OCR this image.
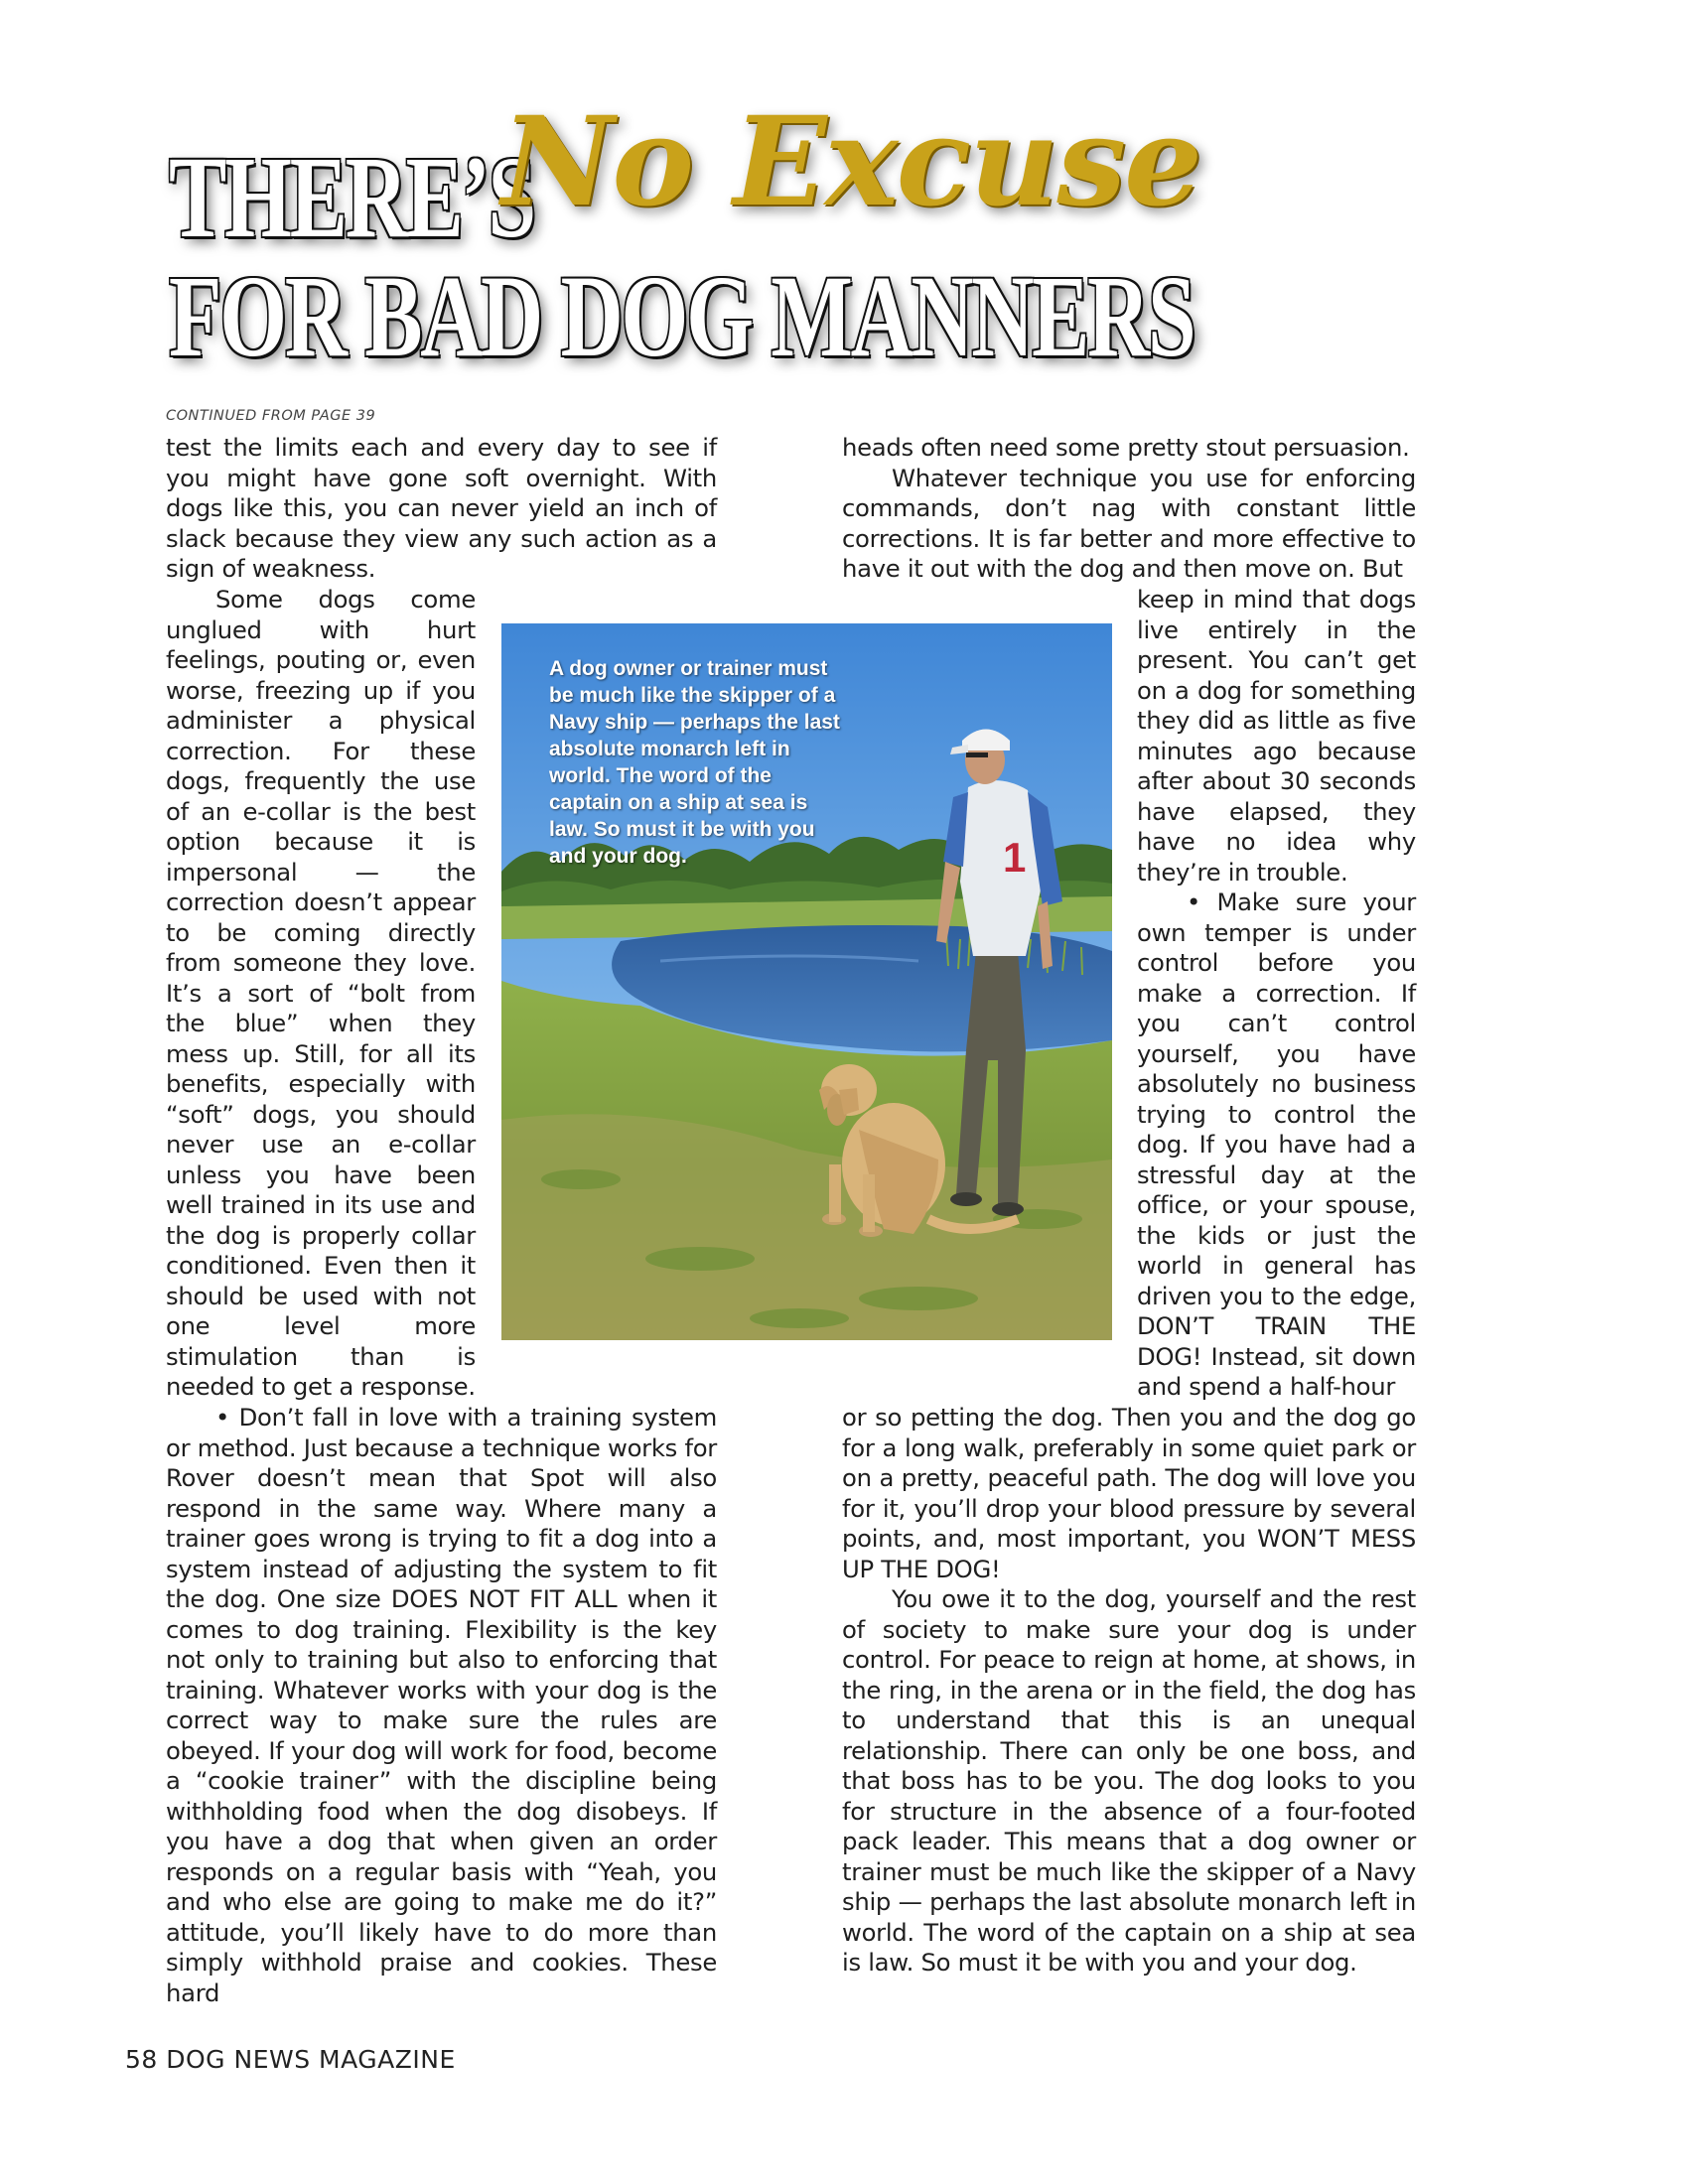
THERE’S
No Excuse
FOR BAD DOG MANNERS
CONTINUED FROM PAGE 39

test the limits each and every day to see if you might have gone soft overnight. With dogs like this, you can never yield an inch of slack because they view any such action as a sign of weakness.

Some dogs come unglued with hurt feelings, pouting or, even worse, freezing up if you administer a physical correction. For these dogs, frequently the use of an e-collar is the best option because it is impersonal — the correction doesn’t appear to be coming directly from someone they love. It’s a sort of “bolt from the blue” when they mess up. Still, for all its benefits, especially with “soft” dogs, you should never use an e-collar unless you have been well trained in its use and the dog is properly collar conditioned. Even then it should be used with not one level more stimulation than is needed to get a response.

• Don’t fall in love with a training system or method. Just because a technique works for Rover doesn’t mean that Spot will also respond in the same way. Where many a trainer goes wrong is trying to fit a dog into a system instead of adjusting the system to fit the dog. One size DOES NOT FIT ALL when it comes to dog training. Flexibility is the key not only to training but also to enforcing that training. Whatever works with your dog is the correct way to make sure the rules are obeyed. If your dog will work for food, become a “cookie trainer” with the discipline being withholding food when the dog disobeys. If you have a dog that when given an order responds on a regular basis with “Yeah, you and who else are going to make me do it?” attitude, you’ll likely have to do more than simply withhold praise and cookies. These hard

heads often need some pretty stout persuasion.

Whatever technique you use for enforcing commands, don’t nag with constant little corrections. It is far better and more effective to have it out with the dog and then move on. But

keep in mind that dogs live entirely in the present. You can’t get on a dog for something they did as little as five minutes ago because after about 30 seconds have elapsed, they have no idea why they’re in trouble.

• Make sure your own temper is under control before you make a correction. If you can’t control yourself, you have absolutely no business trying to control the dog. If you have had a stressful day at the office, or your spouse, the kids or just the world in general has driven you to the edge, DON’T TRAIN THE DOG! Instead, sit down and spend a half-hour

or so petting the dog. Then you and the dog go for a long walk, preferably in some quiet park or on a pretty, peaceful path. The dog will love you for it, you’ll drop your blood pressure by several points, and, most important, you WON’T MESS UP THE DOG!

You owe it to the dog, yourself and the rest of society to make sure your dog is under control. For peace to reign at home, at shows, in the ring, in the arena or in the field, the dog has to understand that this is an unequal relationship. There can only be one boss, and that boss has to be you. The dog looks to you for structure in the absence of a four-footed pack leader. This means that a dog owner or trainer must be much like the skipper of a Navy ship — perhaps the last absolute monarch left in world. The word of the captain on a ship at sea is law. So must it be with you and your dog.

1
A dog owner or trainer must be much like the skipper of a Navy ship — perhaps the last absolute monarch left in world. The word of the captain on a ship at sea is law. So must it be with you and your dog.
58 DOG NEWS MAGAZINE
